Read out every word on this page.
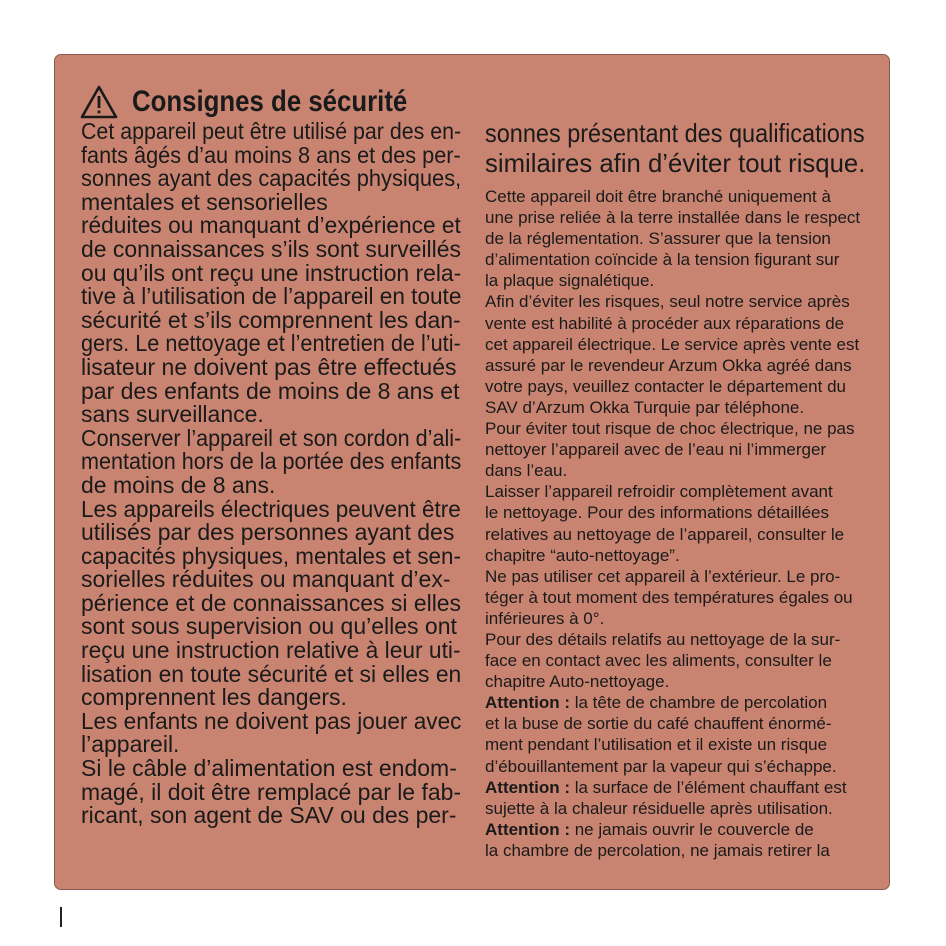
Consignes de sécurité
Cet appareil peut être utilisé par des en-
fants âgés d’au moins 8 ans et des per-
sonnes ayant des capacités physiques,
mentales et sensorielles
réduites ou manquant d’expérience et
de connaissances s’ils sont surveillés
ou qu’ils ont reçu une instruction rela-
tive à l’utilisation de l’appareil en toute
sécurité et s’ils comprennent les dan-
gers. Le nettoyage et l’entretien de l’uti-
lisateur ne doivent pas être effectués
par des enfants de moins de 8 ans et
sans surveillance.
Conserver l’appareil et son cordon d’ali-
mentation hors de la portée des enfants
de moins de 8 ans.
Les appareils électriques peuvent être
utilisés par des personnes ayant des
capacités physiques, mentales et sen-
sorielles réduites ou manquant d’ex-
périence et de connaissances si elles
sont sous supervision ou qu’elles ont
reçu une instruction relative à leur uti-
lisation en toute sécurité et si elles en
comprennent les dangers.
Les enfants ne doivent pas jouer avec
l’appareil.
Si le câble d’alimentation est endom-
magé, il doit être remplacé par le fab-
ricant, son agent de SAV ou des per-
sonnes présentant des qualifications
similaires afin d’éviter tout risque.
Cette appareil doit être branché uniquement à
une prise reliée à la terre installée dans le respect
de la réglementation. S’assurer que la tension
d’alimentation coïncide à la tension figurant sur
la plaque signalétique.
Afin d’éviter les risques, seul notre service après
vente est habilité à procéder aux réparations de
cet appareil électrique. Le service après vente est
assuré par le revendeur Arzum Okka agréé dans
votre pays, veuillez contacter le département du
SAV d’Arzum Okka Turquie par téléphone.
Pour éviter tout risque de choc électrique, ne pas
nettoyer l’appareil avec de l’eau ni l’immerger
dans l’eau.
Laisser l’appareil refroidir complètement avant
le nettoyage. Pour des informations détaillées
relatives au nettoyage de l’appareil, consulter le
chapitre “auto-nettoyage”.
Ne pas utiliser cet appareil à l’extérieur. Le pro-
téger à tout moment des températures égales ou
inférieures à 0°.
Pour des détails relatifs au nettoyage de la sur-
face en contact avec les aliments, consulter le
chapitre Auto-nettoyage.
Attention : la tête de chambre de percolation
et la buse de sortie du café chauffent énormé-
ment pendant l’utilisation et il existe un risque
d’ébouillantement par la vapeur qui s’échappe.
Attention : la surface de l’élément chauffant est
sujette à la chaleur résiduelle après utilisation.
Attention : ne jamais ouvrir le couvercle de
la chambre de percolation, ne jamais retirer la
